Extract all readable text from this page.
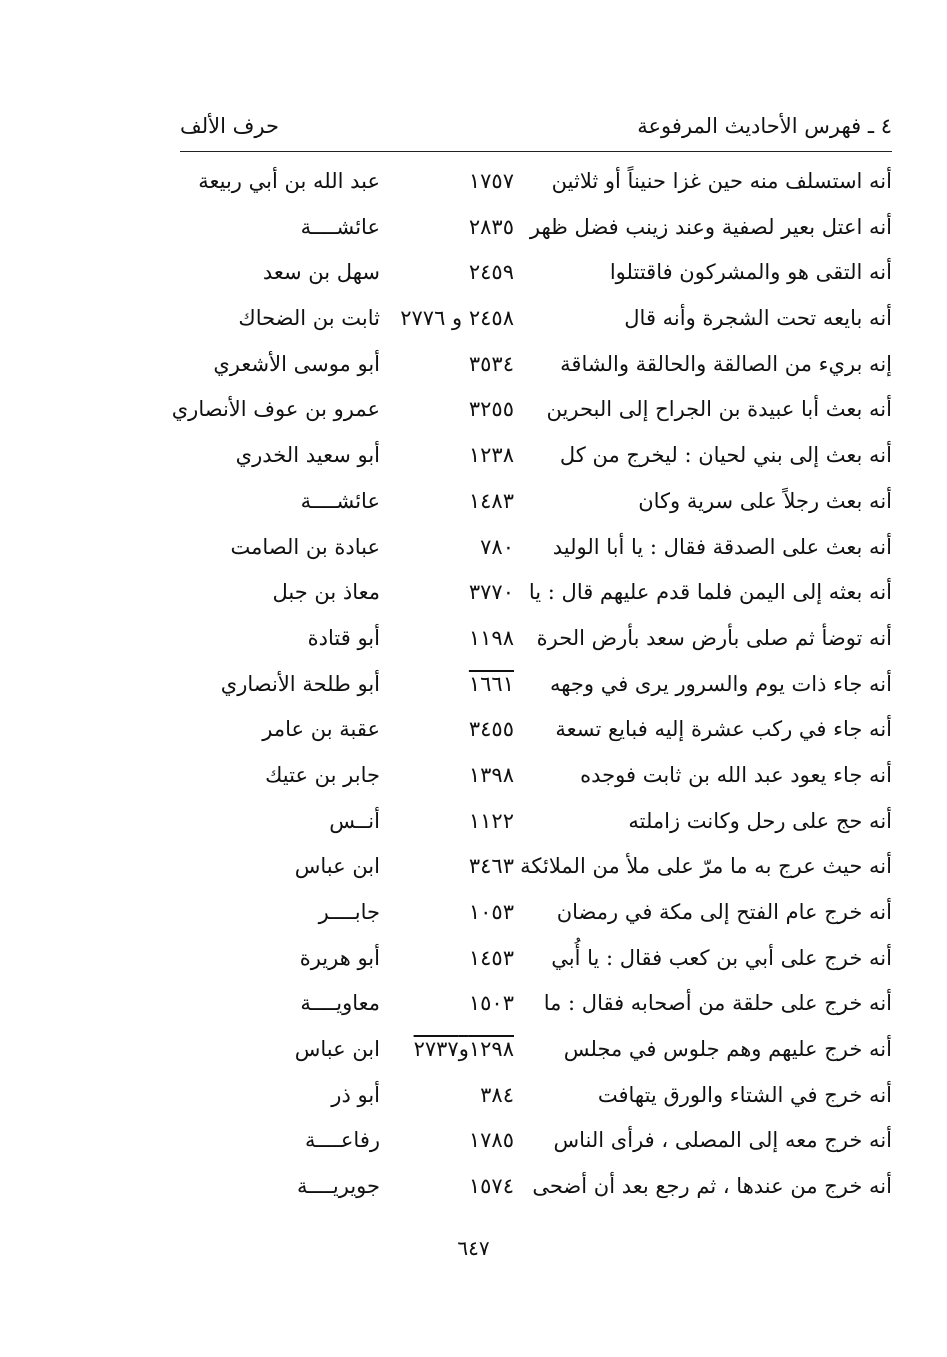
٤ ـ فهرس الأحاديث المرفوعة
حرف الألف
أنه استسلف منه حين غزا حنيناً أو ثلاثين
١٧٥٧
عبد الله بن أبي ربيعة
أنه اعتل بعير لصفية وعند زينب فضل ظهر
٢٨٣٥
عائشــــة
أنه التقى هو والمشركون فاقتتلوا
٢٤٥٩
سهل بن سعد
أنه بايعه تحت الشجرة وأنه قال
٢٤٥٨ و ٢٧٧٦
ثابت بن الضحاك
إنه بريء من الصالقة والحالقة والشاقة
٣٥٣٤
أبو موسى الأشعري
أنه بعث أبا عبيدة بن الجراح إلى البحرين
٣٢٥٥
عمرو بن عوف الأنصاري
أنه بعث إلى بني لحيان : ليخرج من كل
١٢٣٨
أبو سعيد الخدري
أنه بعث رجلاً على سرية وكان
١٤٨٣
عائشــــة
أنه بعث على الصدقة فقال : يا أبا الوليد
٧٨٠
عبادة بن الصامت
أنه بعثه إلى اليمن فلما قدم عليهم قال : يا
٣٧٧٠
معاذ بن جبل
أنه توضأ ثم صلى بأرض سعد بأرض الحرة
١١٩٨
أبو قتادة
أنه جاء ذات يوم والسرور يرى في وجهه
١٦٦١
أبو طلحة الأنصاري
أنه جاء في ركب عشرة إليه فبايع تسعة
٣٤٥٥
عقبة بن عامر
أنه جاء يعود عبد الله بن ثابت فوجده
١٣٩٨
جابر بن عتيك
أنه حج على رحل وكانت زاملته
١١٢٢
أنــس
أنه حيث عرج به ما مرّ على ملأ من الملائكة
٣٤٦٣
ابن عباس
أنه خرج عام الفتح إلى مكة في رمضان
١٠٥٣
جابــــر
أنه خرج على أبي بن كعب فقال : يا أُبي
١٤٥٣
أبو هريرة
أنه خرج على حلقة من أصحابه فقال : ما
١٥٠٣
معاويــــة
أنه خرج عليهم وهم جلوس في مجلس
١٢٩٨و٢٧٣٧
ابن عباس
أنه خرج في الشتاء والورق يتهافت
٣٨٤
أبو ذر
أنه خرج معه إلى المصلى ، فرأى الناس
١٧٨٥
رفاعــــة
أنه خرج من عندها ، ثم رجع بعد أن أضحى
١٥٧٤
جويريــــة
٦٤٧
